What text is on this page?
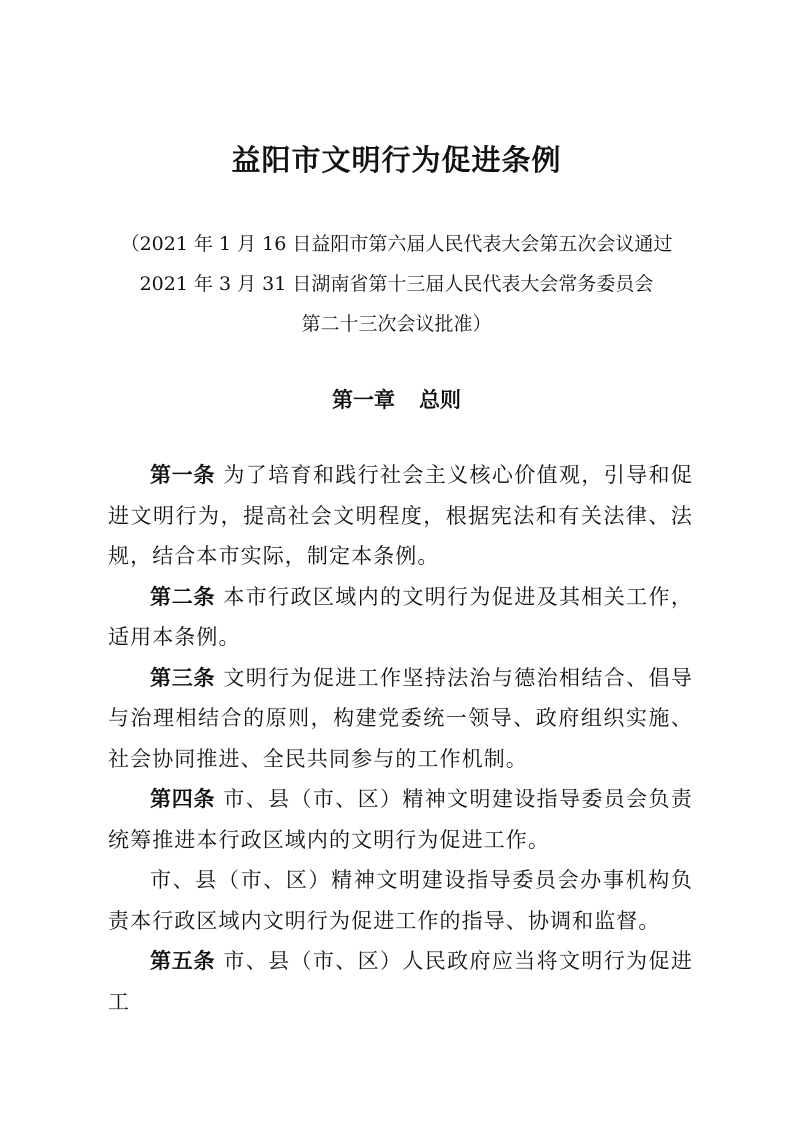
益阳市文明行为促进条例
（2021 年 1 月 16 日益阳市第六届人民代表大会第五次会议通过
2021 年 3 月 31 日湖南省第十三届人民代表大会常务委员会
第二十三次会议批准）
第一章 总则

第一条 为了培育和践行社会主义核心价值观，引导和促进文明行为，提高社会文明程度，根据宪法和有关法律、法规，结合本市实际，制定本条例。

第二条 本市行政区域内的文明行为促进及其相关工作，适用本条例。

第三条 文明行为促进工作坚持法治与德治相结合、倡导与治理相结合的原则，构建党委统一领导、政府组织实施、社会协同推进、全民共同参与的工作机制。

第四条 市、县（市、区）精神文明建设指导委员会负责统筹推进本行政区域内的文明行为促进工作。

市、县（市、区）精神文明建设指导委员会办事机构负责本行政区域内文明行为促进工作的指导、协调和监督。

第五条 市、县（市、区）人民政府应当将文明行为促进工
